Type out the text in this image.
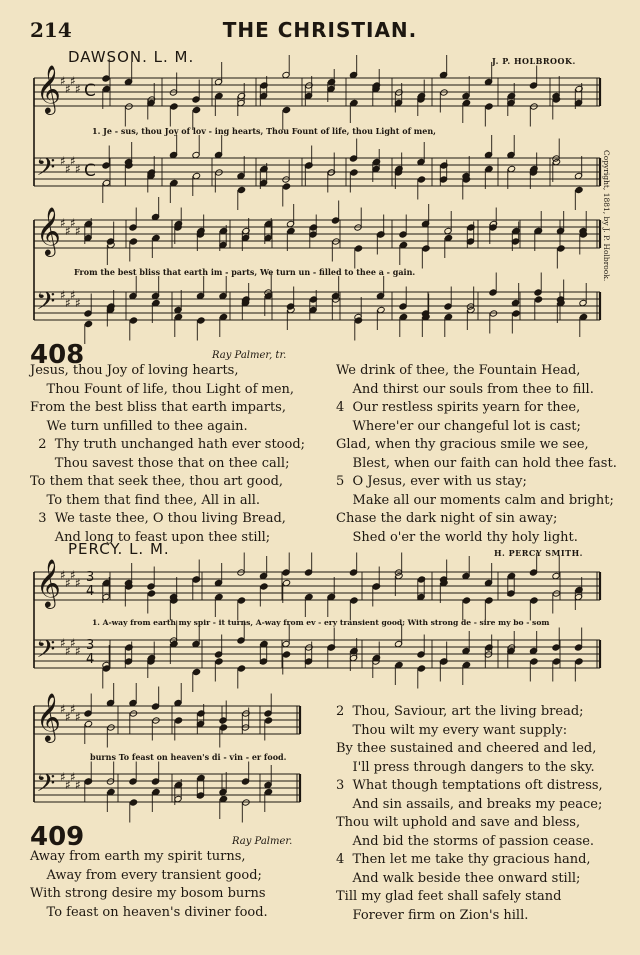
214	THE CHRISTIAN.
DAWSON. L. M.	J. P. HOLBROOK.
Copyright, 1881, by J. P. Holbrook.
𝄞 ♯
♯
♯
♯ C
𝄢 ♯
♯
♯
♯ C
𝄞 ♯
♯
♯
♯
𝄢 ♯
♯
♯
♯
𝄞 ♯
♯
♯
♯ 3
4
𝄢 ♯
♯
♯
♯ 3
4
𝄞 ♯
♯
♯
♯
𝄢 ♯
♯
♯
♯
1. Je - sus, thou Joy of lov - ing hearts, Thou Fount of life, thou Light of men,
From the best bliss that earth im - parts, We turn un - filled to thee a - gain.
408	Ray Palmer, tr.
Jesus, thou Joy of loving hearts,
Thou Fount of life, thou Light of men,
From the best bliss that earth imparts,
We turn unfilled to thee again.
2  Thy truth unchanged hath ever stood;
Thou savest those that on thee call;
To them that seek thee, thou art good,
To them that find thee, All in all.
3  We taste thee, O thou living Bread,
And long to feast upon thee still;
We drink of thee, the Fountain Head,
And thirst our souls from thee to fill.
4  Our restless spirits yearn for thee,
Where'er our changeful lot is cast;
Glad, when thy gracious smile we see,
Blest, when our faith can hold thee fast.
5  O Jesus, ever with us stay;
Make all our moments calm and bright;
Chase the dark night of sin away;
Shed o'er the world thy holy light.
PERCY. L. M.	H. PERCY SMITH.
1. A-way from earth my spir - it turns, A-way from ev - ery transient good; With strong de - sire my bo - som
burns To feast on heaven's di - vin - er food.
409	Ray Palmer.
Away from earth my spirit turns,
Away from every transient good;
With strong desire my bosom burns
To feast on heaven's diviner food.
2  Thou, Saviour, art the living bread;
Thou wilt my every want supply:
By thee sustained and cheered and led,
I'll press through dangers to the sky.
3  What though temptations oft distress,
And sin assails, and breaks my peace;
Thou wilt uphold and save and bless,
And bid the storms of passion cease.
4  Then let me take thy gracious hand,
And walk beside thee onward still;
Till my glad feet shall safely stand
Forever firm on Zion's hill.
